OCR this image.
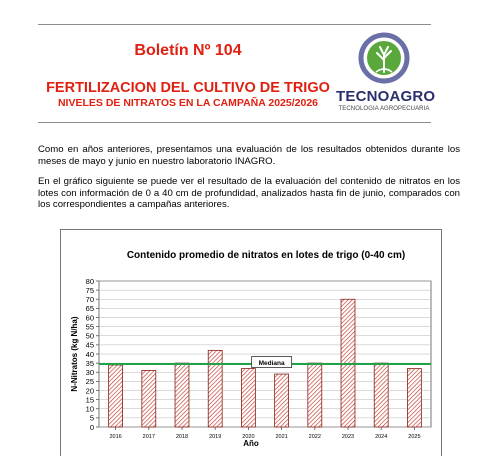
Boletín Nº 104
FERTILIZACION DEL CULTIVO DE TRIGO
NIVELES DE NITRATOS EN LA CAMPAÑA 2025/2026	TECNOAGRO
TECNOLOGIA AGROPECUARIA
Como en años anteriores, presentamos una evaluación de los resultados obtenidos durante los meses de mayo y junio en nuestro laboratorio INAGRO.
En el gráfico siguiente se puede ver el resultado de la evaluación del contenido de nitratos en los lotes con información de 0 a 40 cm de profundidad, analizados hasta fin de junio, comparados con los correspondientes a campañas anteriores.
Contenido promedio de nitratos en lotes de trigo (0-40 cm)
0
5
10
15
20
25
30
35
40
45
50
55
60
65
70
75
80
2016	2017	2018	2019	2020	2021	2022	2023	2024	2025
Mediana
Año
N-Nitratos (kg N/ha)
